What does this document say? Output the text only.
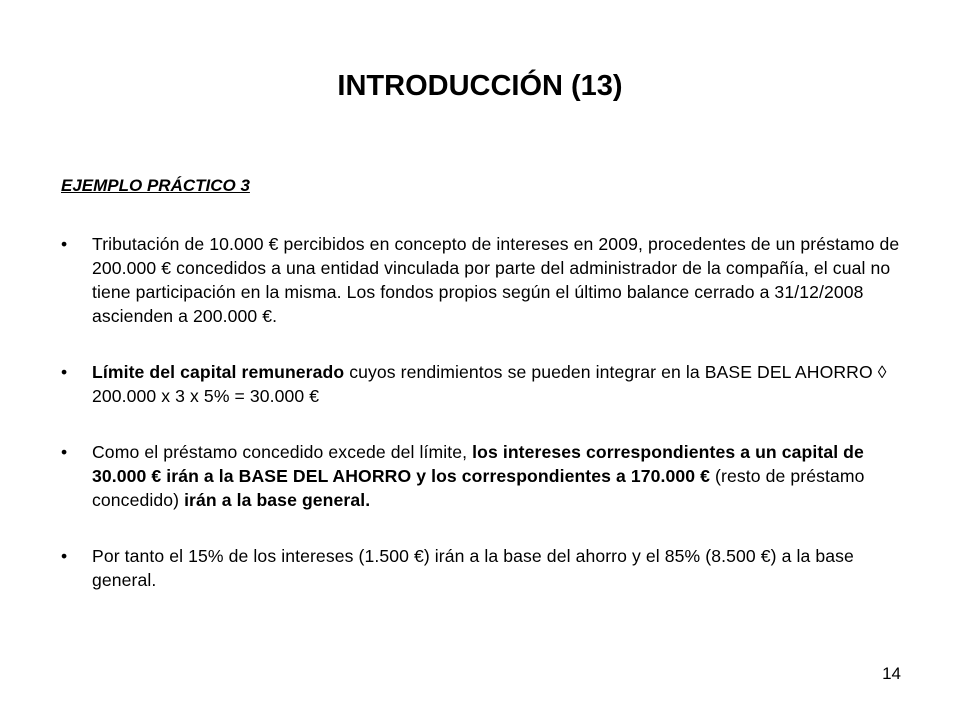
INTRODUCCIÓN (13)
EJEMPLO PRÁCTICO 3
• Tributación de 10.000 € percibidos en concepto de intereses en 2009, procedentes de un préstamo de 200.000 € concedidos a una entidad vinculada por parte del administrador de la compañía, el cual no tiene participación en la misma. Los fondos propios según el último balance cerrado a 31/12/2008 ascienden a 200.000 €.
• Límite del capital remunerado cuyos rendimientos se pueden integrar en la BASE DEL AHORRO ◊ 200.000 x 3 x 5% = 30.000 €
• Como el préstamo concedido excede del límite, los intereses correspondientes a un capital de 30.000 € irán a la BASE DEL AHORRO y los correspondientes a 170.000 € (resto de préstamo concedido) irán a la base general.
• Por tanto el 15% de los intereses (1.500 €) irán a la base del ahorro y el 85% (8.500 €) a la base general.
14
